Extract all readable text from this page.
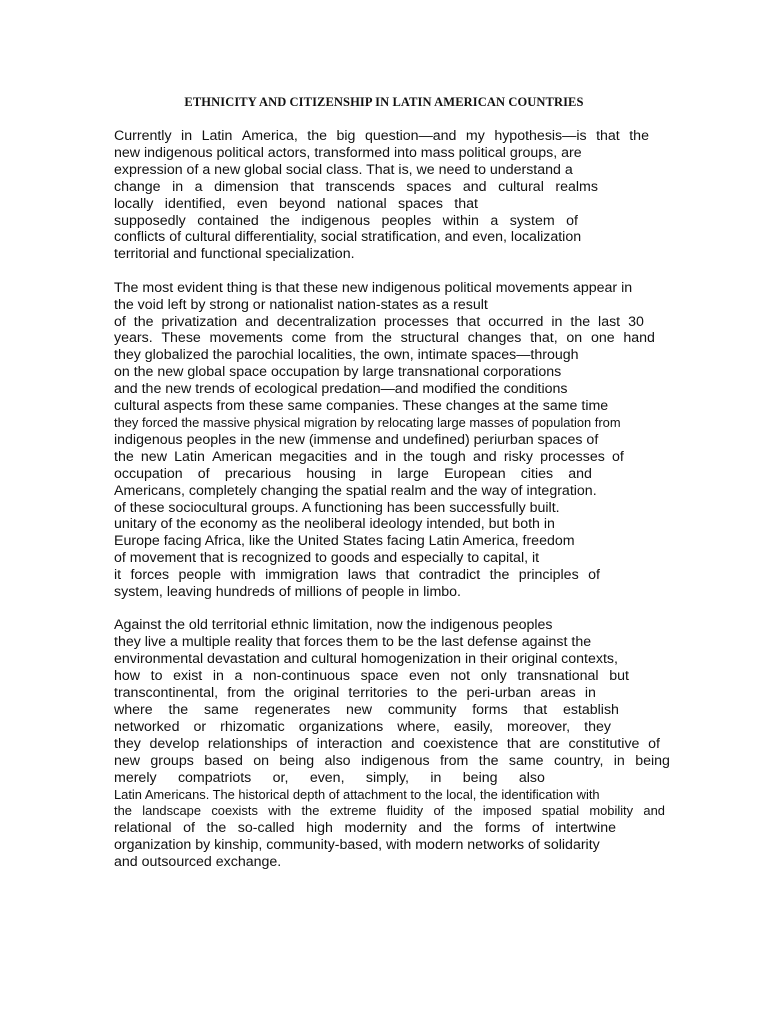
ETHNICITY AND CITIZENSHIP IN LATIN AMERICAN COUNTRIES

Currently in Latin America, the big question—and my hypothesis—is that the
new indigenous political actors, transformed into mass political groups, are
expression of a new global social class. That is, we need to understand a
change in a dimension that transcends spaces and cultural realms
locally identified, even beyond national spaces that
supposedly contained the indigenous peoples within a system of
conflicts of cultural differentiality, social stratification, and even, localization
territorial and functional specialization.

The most evident thing is that these new indigenous political movements appear in
the void left by strong or nationalist nation-states as a result
of the privatization and decentralization processes that occurred in the last 30
years. These movements come from the structural changes that, on one hand
they globalized the parochial localities, the own, intimate spaces—through
on the new global space occupation by large transnational corporations
and the new trends of ecological predation—and modified the conditions
cultural aspects from these same companies. These changes at the same time
they forced the massive physical migration by relocating large masses of population from
indigenous peoples in the new (immense and undefined) periurban spaces of
the new Latin American megacities and in the tough and risky processes of
occupation of precarious housing in large European cities and
Americans, completely changing the spatial realm and the way of integration.
of these sociocultural groups. A functioning has been successfully built.
unitary of the economy as the neoliberal ideology intended, but both in
Europe facing Africa, like the United States facing Latin America, freedom
of movement that is recognized to goods and especially to capital, it
it forces people with immigration laws that contradict the principles of
system, leaving hundreds of millions of people in limbo.

Against the old territorial ethnic limitation, now the indigenous peoples
they live a multiple reality that forces them to be the last defense against the
environmental devastation and cultural homogenization in their original contexts,
how to exist in a non-continuous space even not only transnational but
transcontinental, from the original territories to the peri-urban areas in
where the same regenerates new community forms that establish
networked or rhizomatic organizations where, easily, moreover, they
they develop relationships of interaction and coexistence that are constitutive of
new groups based on being also indigenous from the same country, in being
merely compatriots or, even, simply, in being also
Latin Americans. The historical depth of attachment to the local, the identification with
the landscape coexists with the extreme fluidity of the imposed spatial mobility and
relational of the so-called high modernity and the forms of intertwine
organization by kinship, community-based, with modern networks of solidarity
and outsourced exchange.
